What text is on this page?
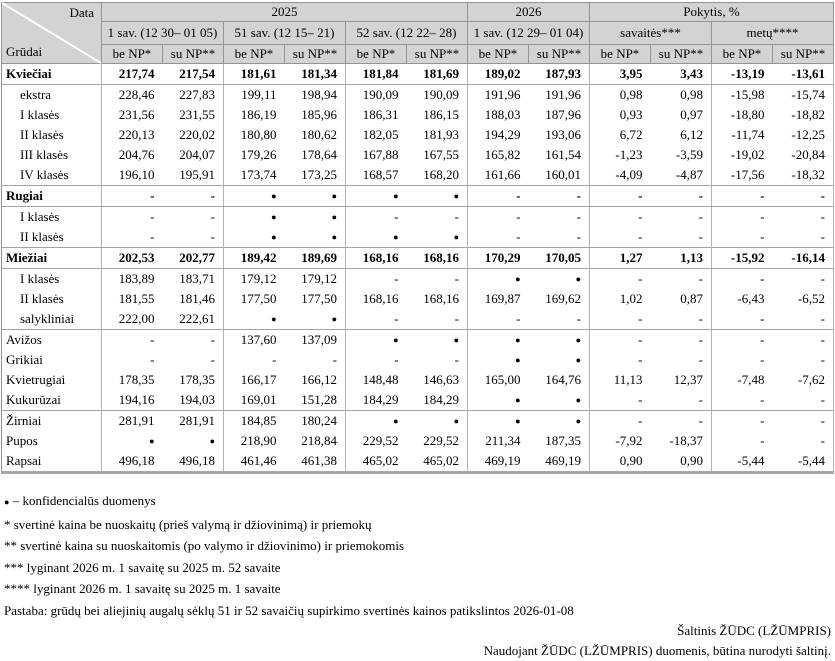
Data
Grūdai	2025						2026		Pokytis, %			
	1 sav. (12 30– 01 05)		51 sav. (12 15– 21)		52 sav. (12 22– 28)		1 sav. (12 29– 01 04)		savaitės***		metų****	
	be NP*	su NP**	be NP*	su NP**	be NP*	su NP**	be NP*	su NP**	be NP*	su NP**	be NP*	su NP**
Kviečiai	217,74	217,54	181,61	181,34	181,84	181,69	189,02	187,93	3,95	3,43	-13,19	-13,61
ekstra	228,46	227,83	199,11	198,94	190,09	190,09	191,96	191,96	0,98	0,98	-15,98	-15,74
I klasės	231,56	231,55	186,19	185,96	186,31	186,15	188,03	187,96	0,93	0,97	-18,80	-18,82
II klasės	220,13	220,02	180,80	180,62	182,05	181,93	194,29	193,06	6,72	6,12	-11,74	-12,25
III klasės	204,76	204,07	179,26	178,64	167,88	167,55	165,82	161,54	-1,23	-3,59	-19,02	-20,84
IV klasės	196,10	195,91	173,74	173,25	168,57	168,20	161,66	160,01	-4,09	-4,87	-17,56	-18,32
Rugiai	-	-	●	●	●	●	-	-	-	-	-	-
I klasės	-	-	●	●	-	-	-	-	-	-	-	-
II klasės	-	-	●	●	●	●	-	-	-	-	-	-
Miežiai	202,53	202,77	189,42	189,69	168,16	168,16	170,29	170,05	1,27	1,13	-15,92	-16,14
I klasės	183,89	183,71	179,12	179,12	-	-	●	●	-	-	-	-
II klasės	181,55	181,46	177,50	177,50	168,16	168,16	169,87	169,62	1,02	0,87	-6,43	-6,52
salykliniai	222,00	222,61	●	●	-	-	-	-	-	-	-	-
Avižos	-	-	137,60	137,09	●	●	●	●	-	-	-	-
Grikiai	-	-	-	-	-	-	●	●	-	-	-	-
Kvietrugiai	178,35	178,35	166,17	166,12	148,48	146,63	165,00	164,76	11,13	12,37	-7,48	-7,62
Kukurūzai	194,16	194,03	169,01	151,28	184,29	184,29	●	●	-	-	-	-
Žirniai	281,91	281,91	184,85	180,24	●	●	●	●	-	-	-	-
Pupos	●	●	218,90	218,84	229,52	229,52	211,34	187,35	-7,92	-18,37	-	-
Rapsai	496,18	496,18	461,46	461,38	465,02	465,02	469,19	469,19	0,90	0,90	-5,44	-5,44
● – konfidencialūs duomenys
* svertinė kaina be nuoskaitų (prieš valymą ir džiovinimą) ir priemokų
** svertinė kaina su nuoskaitomis (po valymo ir džiovinimo) ir priemokomis
*** lyginant 2026 m. 1 savaitę su 2025 m. 52 savaite
**** lyginant 2026 m. 1 savaitę su 2025 m. 1 savaite
Pastaba: grūdų bei aliejinių augalų sėklų 51 ir 52 savaičių supirkimo svertinės kainos patikslintos 2026-01-08
Šaltinis ŽŪDC (LŽŪMPRIS)
Naudojant ŽŪDC (LŽŪMPRIS) duomenis, būtina nurodyti šaltinį.
